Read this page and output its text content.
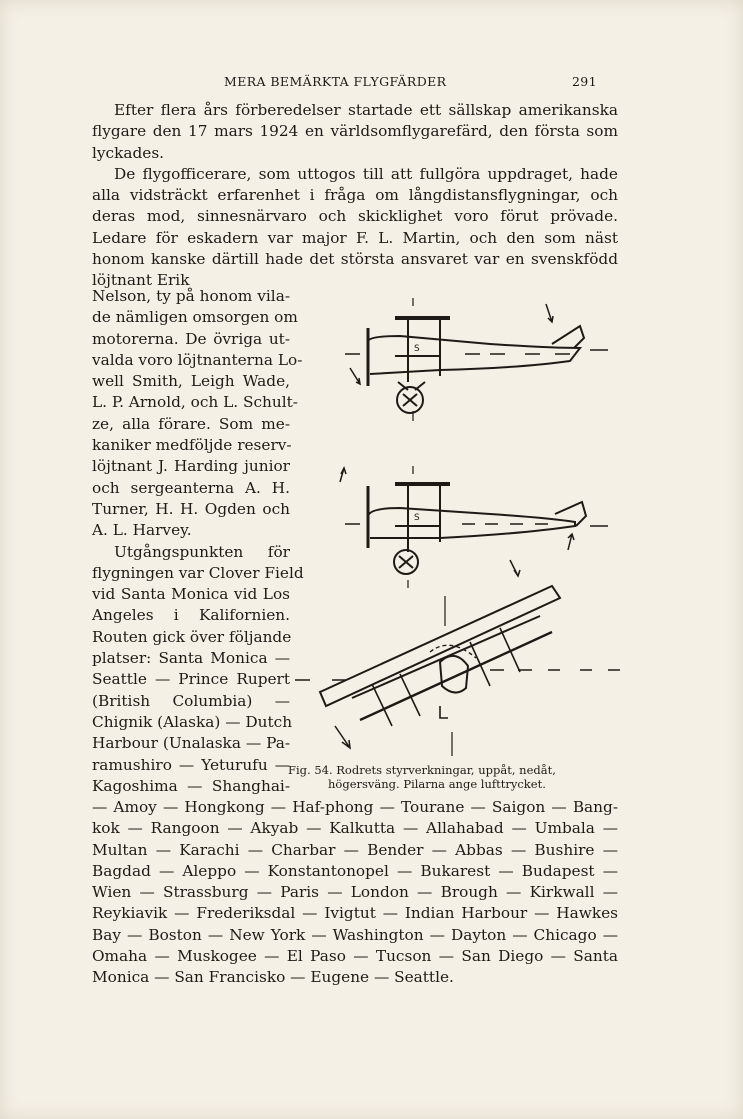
MERA BEMÄRKTA FLYGFÄRDER	291

Efter flera års förberedelser startade ett sällskap amerikanska flygare den 17 mars 1924 en världsomflygarefärd, den första som lyckades.

De flygofficerare, som uttogos till att fullgöra uppdraget, hade alla vidsträckt erfarenhet i fråga om långdistansflygningar, och deras mod, sinnesnärvaro och skicklighet voro förut prövade. Ledare för eskadern var major F. L. Martin, och den som näst honom kanske därtill hade det största ansvaret var en svenskfödd löjtnant Erik

Nelson, ty på honom vila-
de nämligen omsorgen om
motorerna. De övriga ut-
valda voro löjtnanterna Lo-
well Smith, Leigh Wade,
L. P. Arnold, och L. Schult-
ze, alla förare. Som me-
kaniker medföljde reserv-
löjtnant J. Harding junior
och sergeanterna A. H.
Turner, H. H. Ogden och
A. L. Harvey.
Utgångspunkten för
flygningen var Clover Field
vid Santa Monica vid Los
Angeles i Kalifornien.
Routen gick över följande
platser: Santa Monica —
Seattle — Prince Rupert
(British Columbia) —
Chignik (Alaska) — Dutch
Harbour (Unalaska — Pa-
ramushiro — Yeturufu —
Kagoshima — Shanghai-
S
S
Fig. 54. Rodrets styrverkningar, uppåt, nedåt,
högersväng. Pilarna ange lufttrycket.
— Amoy — Hongkong — Haf-phong — Tourane — Saigon — Bang-
kok — Rangoon — Akyab — Kalkutta — Allahabad — Umbala —
Multan — Karachi — Charbar — Bender — Abbas — Bushire —
Bagdad — Aleppo — Konstantonopel — Bukarest — Budapest —
Wien — Strassburg — Paris — London — Brough — Kirkwall —
Reykiavik — Frederiksdal — Ivigtut — Indian Harbour — Hawkes
Bay — Boston — New York — Washington — Dayton — Chicago —
Omaha — Muskogee — El Paso — Tucson — San Diego — Santa
Monica — San Francisko — Eugene — Seattle.
